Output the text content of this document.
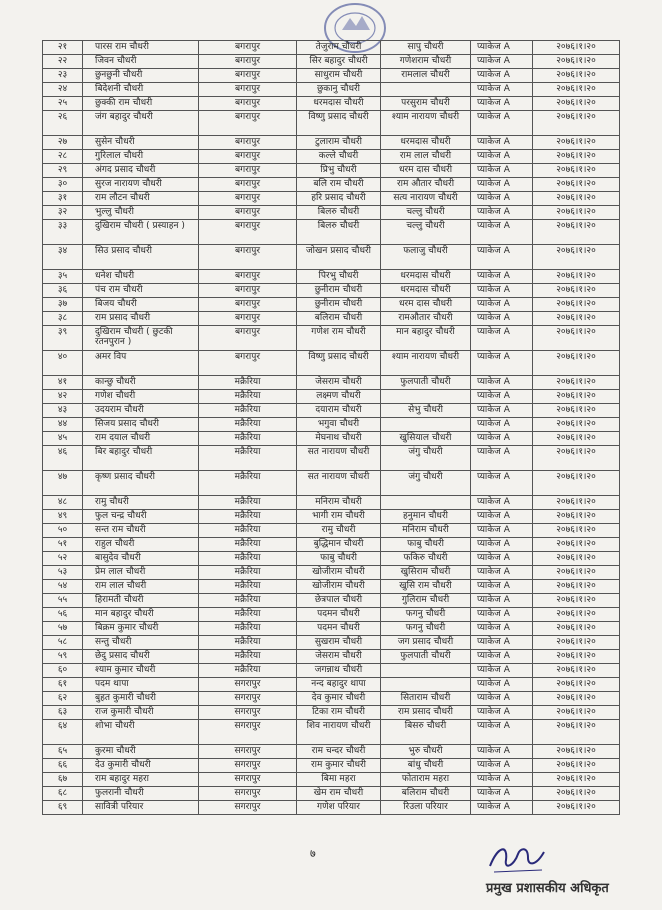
२१	पारस राम चौधरी	बगरापुर	तेजुराम चौधरी	सापु चौधरी	प्याकेज A	२०७६।१।२०
२२	जिवन चौधरी	बगरापुर	सिर बहादुर चौधरी	गणेशराम चौधरी	प्याकेज A	२०७६।१।२०
२३	छुनछुनी चौधरी	बगरापुर	साधुराम चौधरी	रामलाल चौधरी	प्याकेज A	२०७६।१।२०
२४	बिदेशनी चौधरी	बगरापुर	छुकानु चौधरी		प्याकेज A	२०७६।१।२०
२५	छुक्की राम चौधरी	बगरापुर	धरमदास चौधरी	परसुराम चौधरी	प्याकेज A	२०७६।१।२०
२६	जंग बहादुर चौधरी	बगरापुर	विष्णु प्रसाद चौधरी	श्याम नारायण चौधरी	प्याकेज A	२०७६।१।२०
२७	सुसेन चौधरी	बगरापुर	टुलाराम चौधरी	धरमदास चौधरी	प्याकेज A	२०७६।१।२०
२८	गुरिलाल चौधरी	बगरापुर	कल्ले चौधरी	राम लाल चौधरी	प्याकेज A	२०७६।१।२०
२९	अंगद प्रसाद चौधरी	बगरापुर	प्रिभु चौधरी	धरम दास चौधरी	प्याकेज A	२०७६।१।२०
३०	सुरज नारायण चौधरी	बगरापुर	बलि राम चौधरी	राम औतार चौधरी	प्याकेज A	२०७६।१।२०
३१	राम लौटन चौधरी	बगरापुर	हरि प्रसाद चौधरी	सत्य नारायण चौधरी	प्याकेज A	२०७६।१।२०
३२	भुल्लु चौधरी	बगरापुर	बिलरु चौधरी	चल्लु चौधरी	प्याकेज A	२०७६।१।२०
३३	दुखिराम चौधरी ( प्रस्याहन )	बगरापुर	बिलरु चौधरी	चल्लु चौधरी	प्याकेज A	२०७६।१।२०
३४	सिउ प्रसाद चौधरी	बगरापुर	जोखन प्रसाद चौधरी	फलाजु चौधरी	प्याकेज A	२०७६।१।२०
३५	धनेश चौधरी	बगरापुर	पिरभु चौधरी	धरमदास चौधरी	प्याकेज A	२०७६।१।२०
३६	पंच राम चौधरी	बगरापुर	छुनीराम चौधरी	धरमदास चौधरी	प्याकेज A	२०७६।१।२०
३७	बिजय चौधरी	बगरापुर	छुनीराम चौधरी	धरम दास चौधरी	प्याकेज A	२०७६।१।२०
३८	राम प्रसाद चौधरी	बगरापुर	बलिराम चौधरी	रामऔतार चौधरी	प्याकेज A	२०७६।१।२०
३९	दुखिराम चौधरी ( छुटकी रतनपुरान )	बगरापुर	गणेश राम चौधरी	मान बहादुर चौधरी	प्याकेज A	२०७६।१।२०
४०	अमर विप	बगरापुर	विष्णु प्रसाद चौधरी	श्याम नारायण चौधरी	प्याकेज A	२०७६।१।२०
४१	कान्छु चौधरी	मक्रैरिया	जेसराम चौधरी	फुलपाती चौधरी	प्याकेज A	२०७६।१।२०
४२	गणेश चौधरी	मक्रैरिया	लक्ष्मण चौधरी		प्याकेज A	२०७६।१।२०
४३	उदयराम चौधरी	मक्रैरिया	दयाराम चौधरी	सेभु चौधरी	प्याकेज A	२०७६।१।२०
४४	सिजय प्रसाद चौधरी	मक्रैरिया	भगुवा चौधरी		प्याकेज A	२०७६।१।२०
४५	राम दयाल चौधरी	मक्रैरिया	मेघनाथ चौधरी	खुसियाल चौधरी	प्याकेज A	२०७६।१।२०
४६	बिर बहादुर चौधरी	मक्रैरिया	सत नारायण चौधरी	जंगु चौधरी	प्याकेज A	२०७६।१।२०
४७	कृष्ण प्रसाद चौधरी	मक्रैरिया	सत नारायण चौधरी	जंगु चौधरी	प्याकेज A	२०७६।१।२०
४८	रामु चौधरी	मक्रैरिया	मनिराम चौधरी		प्याकेज A	२०७६।१।२०
४९	फुल चन्द्र चौधरी	मक्रैरिया	भागी राम चौधरी	हनुमान चौधरी	प्याकेज A	२०७६।१।२०
५०	सन्त राम चौधरी	मक्रैरिया	रामु चौधरी	मनिराम चौधरी	प्याकेज A	२०७६।१।२०
५१	राहुल चौधरी	मक्रैरिया	बुद्धिमान चौधरी	फाबु चौधरी	प्याकेज A	२०७६।१।२०
५२	बासुदेव चौधरी	मक्रैरिया	फाबु चौधरी	फकिरु चौधरी	प्याकेज A	२०७६।१।२०
५३	प्रेम लाल चौधरी	मक्रैरिया	खोजीराम चौधरी	खुसिराम चौधरी	प्याकेज A	२०७६।१।२०
५४	राम लाल चौधरी	मक्रैरिया	खोजीराम चौधरी	खुसि राम चौधरी	प्याकेज A	२०७६।१।२०
५५	हिरामती चौधरी	मक्रैरिया	छेत्रपाल चौधरी	गुलिराम चौधरी	प्याकेज A	२०७६।१।२०
५६	मान बहादुर चौधरी	मक्रैरिया	पदमन चौधरी	फगनु चौधरी	प्याकेज A	२०७६।१।२०
५७	बिक्रम कुमार चौधरी	मक्रैरिया	पदमन चौधरी	फगनु चौधरी	प्याकेज A	२०७६।१।२०
५८	सन्तु चौधरी	मक्रैरिया	सुखराम चौधरी	जग प्रसाद चौधरी	प्याकेज A	२०७६।१।२०
५९	छेदु प्रसाद चौधरी	मक्रैरिया	जेसराम चौधरी	फुलपाती चौधरी	प्याकेज A	२०७६।१।२०
६०	श्याम कुमार चौधरी	मक्रैरिया	जगन्नाथ चौधरी		प्याकेज A	२०७६।१।२०
६१	पदम थापा	सगरापुर	नन्द बहादुर थापा		प्याकेज A	२०७६।१।२०
६२	बुहत कुमारी चौधरी	सगरापुर	देव कुमार चौधरी	सिताराम चौधरी	प्याकेज A	२०७६।१।२०
६३	राज कुमारी चौधरी	सगरापुर	टिका राम चौधरी	राम प्रसाद चौधरी	प्याकेज A	२०७६।१।२०
६४	शोभा चौधरी	सगरापुर	शिव नारायण चौधरी	बिसरु चौधरी	प्याकेज A	२०७६।१।२०
६५	कुरमा चौधरी	सगरापुर	राम चन्दर चौधरी	भुरु चौधरी	प्याकेज A	२०७६।१।२०
६६	देउ कुमारी चौधरी	सगरापुर	राम कुमार चौधरी	बांधु चौधरी	प्याकेज A	२०७६।१।२०
६७	राम बहादुर महरा	सगरापुर	बिमा महरा	फोताराम महरा	प्याकेज A	२०७६।१।२०
६८	फुलरानी चौधरी	सगरापुर	खेम राम चौधरी	बलिराम चौधरी	प्याकेज A	२०७६।१।२०
६९	सावित्री परियार	सगरापुर	गणेश परियार	रिउला परियार	प्याकेज A	२०७६।१।२०
७
प्रमुख प्रशासकीय अधिकृत
